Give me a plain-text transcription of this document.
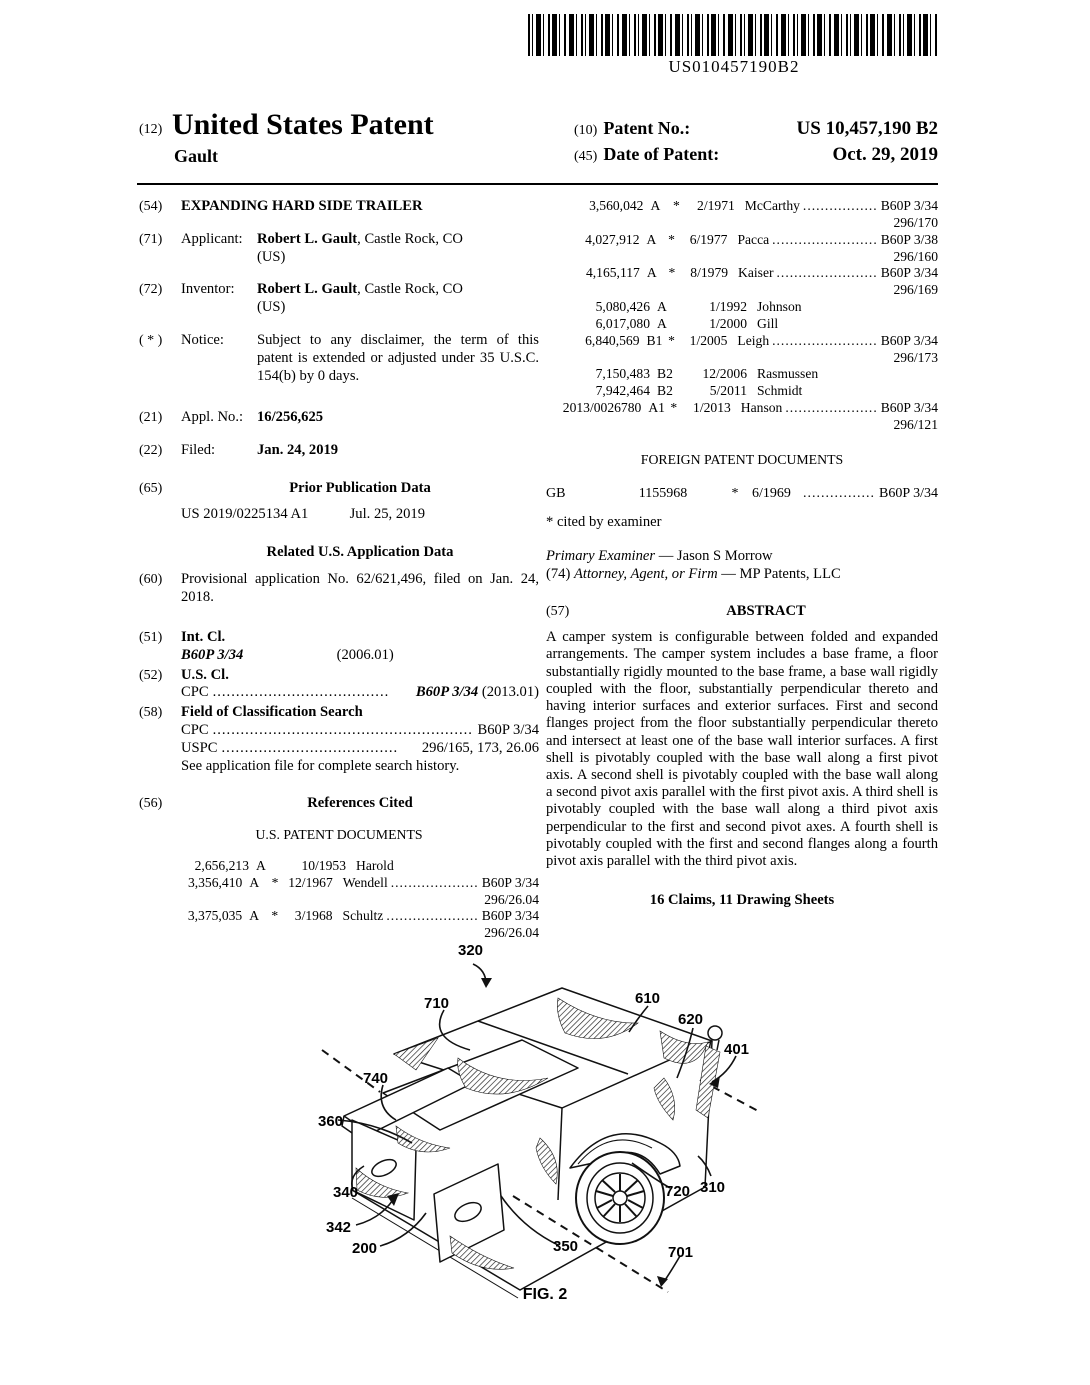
US010457190B2
(12) United States Patent
Gault
(10) Patent No.:	US 10,457,190 B2
(45) Date of Patent:	Oct. 29, 2019
(54)	EXPANDING HARD SIDE TRAILER
(71)	Applicant: Robert L. Gault, Castle Rock, CO
(US)
(72)	Inventor:	Robert L. Gault, Castle Rock, CO
(US)
( * )	Notice:	Subject to any disclaimer, the term of this patent is extended or adjusted under 35 U.S.C. 154(b) by 0 days.
(21)	Appl. No.: 16/256,625
(22)	Filed:	Jan. 24, 2019
(65)	Prior Publication Data
US 2019/0225134 A1	Jul. 25, 2019
Related U.S. Application Data
(60)	Provisional application No. 62/621,496, filed on Jan. 24, 2018.
(51)	Int. Cl.
B60P 3/34	(2006.01)
(52)	U.S. Cl.
CPC ......................................	B60P 3/34
(2013.01)
(58)	Field of Classification Search
CPC ........................................................ B60P 3/34
USPC ......................................	296/165, 173, 26.06
See application file for complete search history.
(56)	References Cited
U.S. PATENT DOCUMENTS
2,656,213 A	10/1953 Harold
3,356,410 A * 12/1967 Wendell .................... B60P 3/34
296/26.04
3,375,035 A *	3/1968 Schultz ..................... B60P 3/34
296/26.04
3,560,042 A *	2/1971 McCarthy ................. B60P 3/34
296/170
4,027,912 A *	6/1977 Pacca ........................ B60P 3/38
296/160
4,165,117 A *	8/1979 Kaiser ....................... B60P 3/34
296/169
5,080,426 A	1/1992 Johnson
6,017,080 A	1/2000 Gill
6,840,569 B1 *	1/2005 Leigh ........................ B60P 3/34
296/173
7,150,483 B2	12/2006 Rasmussen
7,942,464 B2	5/2011 Schmidt
2013/0026780 A1 *	1/2013 Hanson ..................... B60P 3/34
296/121
FOREIGN PATENT DOCUMENTS
GB	1155968	* 6/1969 ................ B60P 3/34
* cited by examiner
Primary Examiner — Jason S Morrow
(74) Attorney, Agent, or Firm — MP Patents, LLC
(57)	ABSTRACT
A camper system is configurable between folded and expanded arrangements. The camper system includes a base frame, a floor substantially rigidly mounted to the base frame, a base wall rigidly coupled with the floor, substantially perpendicular thereto and having interior surfaces and exterior surfaces. First and second flanges project from the floor substantially perpendicular thereto and intersect at least one of the base wall interior surfaces. A first shell is pivotably coupled with the base wall along a first pivot axis. A second shell is pivotably coupled with the base wall along a second pivot axis parallel with the first pivot axis. A third shell is pivotably coupled with the base wall along a third pivot axis perpendicular to the first and second pivot axes. A fourth shell is pivotably coupled with the first and second flanges along a fourth pivot axis parallel with the third pivot axis.
16 Claims, 11 Drawing Sheets
320
710	610
620
401
740
360
340
342
200	350
720 310
701
FIG. 2
